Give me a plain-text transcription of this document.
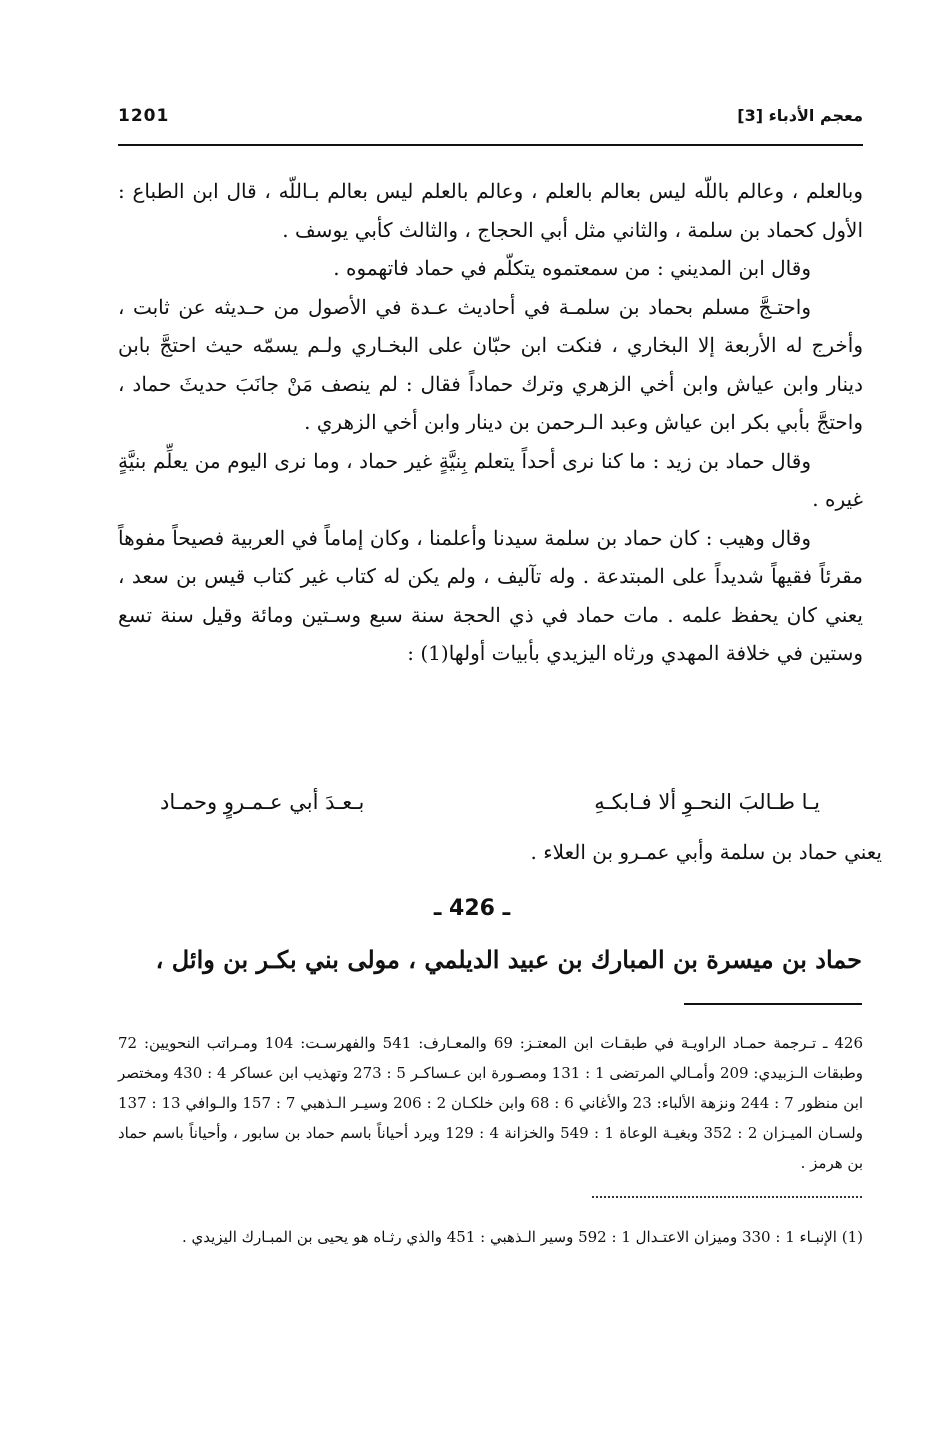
1201	معجم الأدباء [3]

وبالعلم ، وعالم باللّه ليس بعالم بالعلم ، وعالم بالعلم ليس بعالم بـاللّه ، قال ابن الطباع : الأول كحماد بن سلمة ، والثاني مثل أبي الحجاج ، والثالث كأبي يوسف .

وقال ابن المديني : من سمعتموه يتكلّم في حماد فاتهموه .

واحتـجَّ مسلم بحماد بن سلمـة في أحاديث عـدة في الأصول من حـديثه عن ثابت ، وأخرج له الأربعة إلا البخاري ، فنكت ابن حبّان على البخـاري ولـم يسمّه حيث احتجَّ بابن دينار وابن عياش وابن أخي الزهري وترك حماداً فقال : لم ينصف مَنْ جانَبَ حديثَ حماد ، واحتجَّ بأبي بكر ابن عياش وعبد الـرحمن بن دينار وابن أخي الزهري .

وقال حماد بن زيد : ما كنا نرى أحداً يتعلم بِنيَّةٍ غير حماد ، وما نرى اليوم من يعلِّم بنيَّةٍ غيره .

وقال وهيب : كان حماد بن سلمة سيدنا وأعلمنا ، وكان إماماً في العربية فصيحاً مفوهاً مقرئاً فقيهاً شديداً على المبتدعة . وله تآليف ، ولم يكن له كتاب غير كتاب قيس بن سعد ، يعني كان يحفظ علمه . مات حماد في ذي الحجة سنة سبع وسـتين ومائة وقيل سنة تسع وستين في خلافة المهدي ورثاه اليزيدي بأبيات أولها(1) :

يـا طـالبَ النحـوِ ألا فـابكـهِ
بـعـدَ أبي عـمـروٍ وحمـاد
يعني حماد بن سلمة وأبي عمـرو بن العلاء .
ـ 426 ـ
حماد بن ميسرة بن المبارك بن عبيد الديلمي ، مولى بني بكـر بن وائل ،

426 ـ تـرجمة حمـاد الراويـة في طبقـات ابن المعتـز: 69 والمعـارف: 541 والفهرسـت: 104 ومـراتب النحويين: 72 وطبقات الـزبيدي: 209 وأمـالي المرتضى 1 : 131 ومصـورة ابن عـساكـر 5 : 273 وتهذيب ابن عساكر 4 : 430 ومختصر ابن منظور 7 : 244 ونزهة الألباء: 23 والأغاني 6 : 68 وابن خلكـان 2 : 206 وسيـر الـذهبي 7 : 157 والـوافي 13 : 137 ولسـان الميـزان 2 : 352 وبغيـة الوعاة 1 : 549 والخزانة 4 : 129 ويرد أحياناً باسم حماد بن سابور ، وأحياناً باسم حماد بن هرمز .

(1) الإنبـاء 1 : 330 وميزان الاعتـدال 1 : 592 وسير الـذهبي : 451 والذي رثـاه هو يحيى بن المبـارك اليزيدي .
